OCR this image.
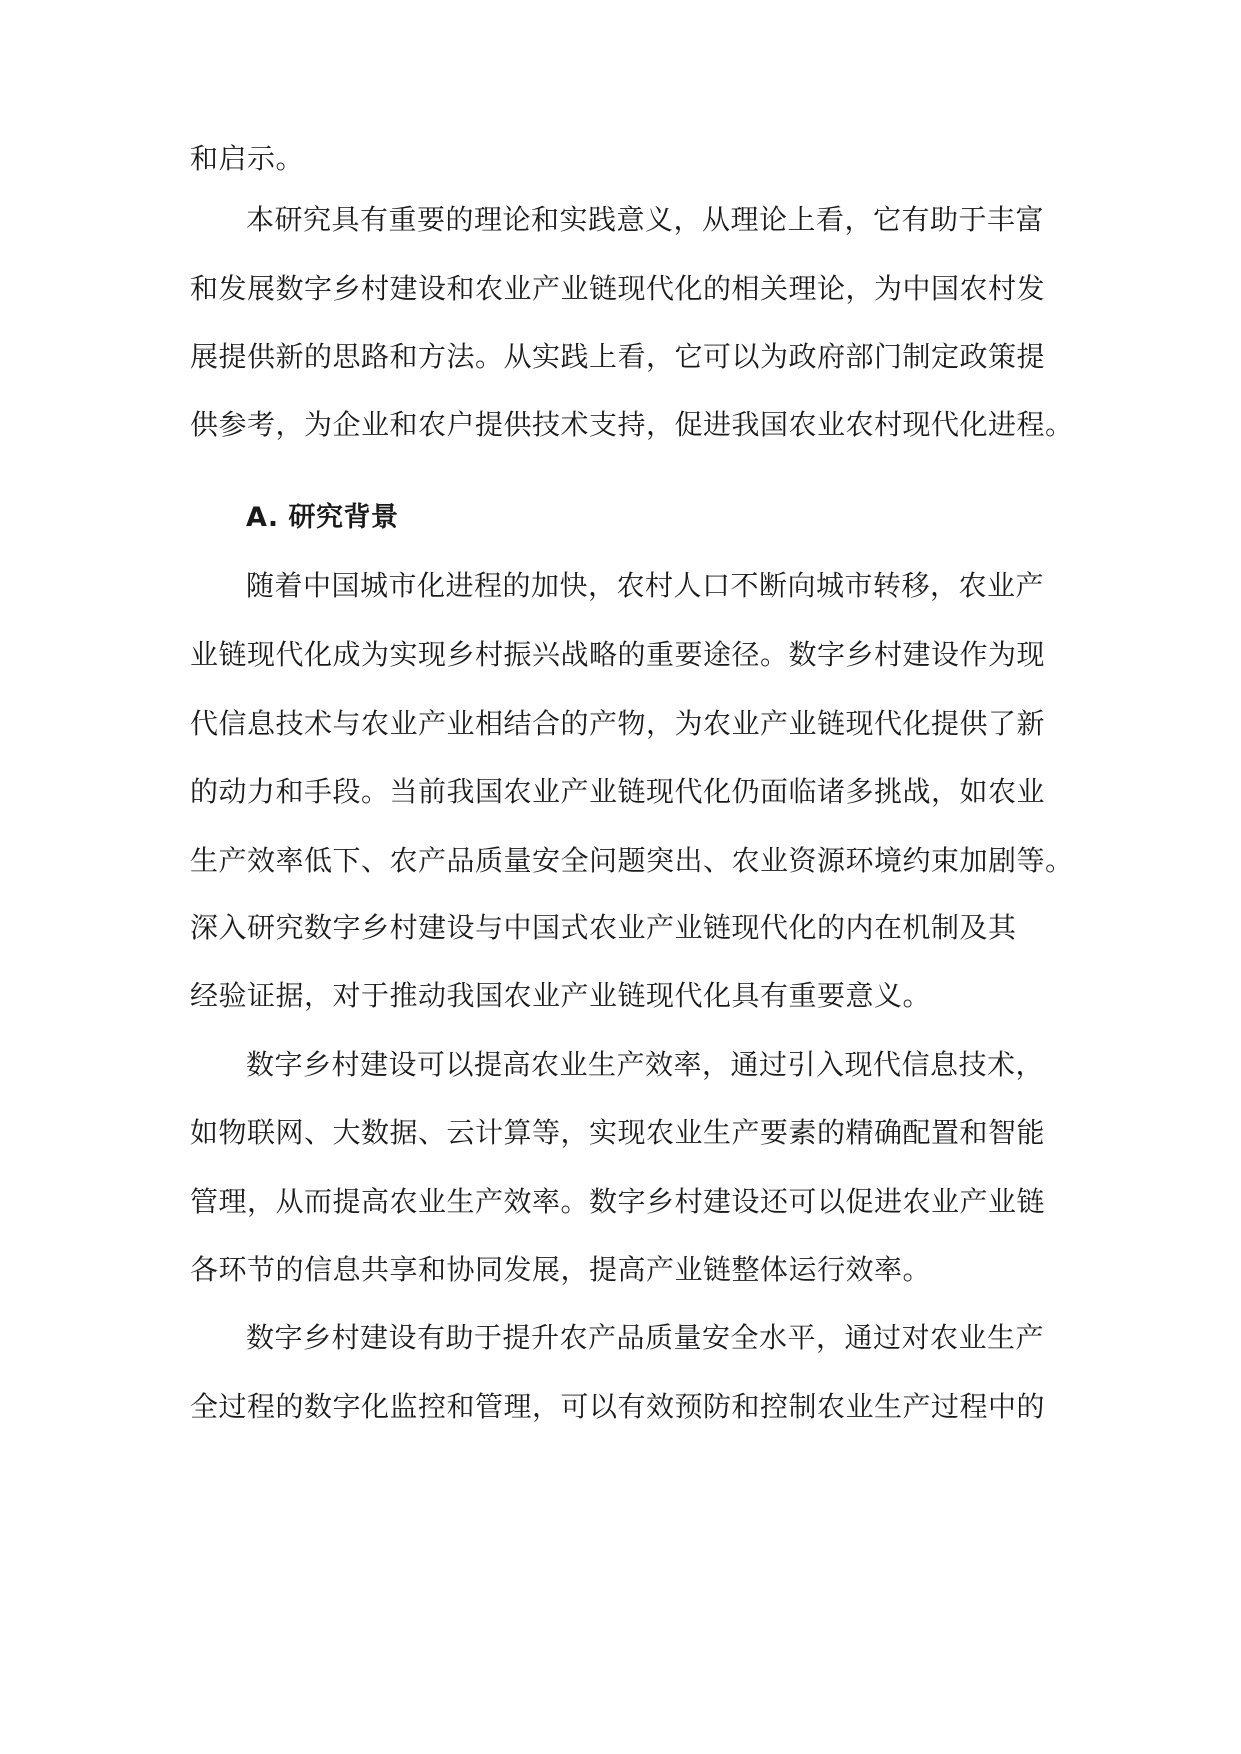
和启示。
本研究具有重要的理论和实践意义，从理论上看，它有助于丰富
和发展数字乡村建设和农业产业链现代化的相关理论，为中国农村发
展提供新的思路和方法。从实践上看，它可以为政府部门制定政策提
供参考，为企业和农户提供技术支持，促进我国农业农村现代化进程。
A. 研究背景
随着中国城市化进程的加快，农村人口不断向城市转移，农业产
业链现代化成为实现乡村振兴战略的重要途径。数字乡村建设作为现
代信息技术与农业产业相结合的产物，为农业产业链现代化提供了新
的动力和手段。当前我国农业产业链现代化仍面临诸多挑战，如农业
生产效率低下、农产品质量安全问题突出、农业资源环境约束加剧等。
深入研究数字乡村建设与中国式农业产业链现代化的内在机制及其
经验证据，对于推动我国农业产业链现代化具有重要意义。
数字乡村建设可以提高农业生产效率，通过引入现代信息技术，
如物联网、大数据、云计算等，实现农业生产要素的精确配置和智能
管理，从而提高农业生产效率。数字乡村建设还可以促进农业产业链
各环节的信息共享和协同发展，提高产业链整体运行效率。
数字乡村建设有助于提升农产品质量安全水平，通过对农业生产
全过程的数字化监控和管理，可以有效预防和控制农业生产过程中的
